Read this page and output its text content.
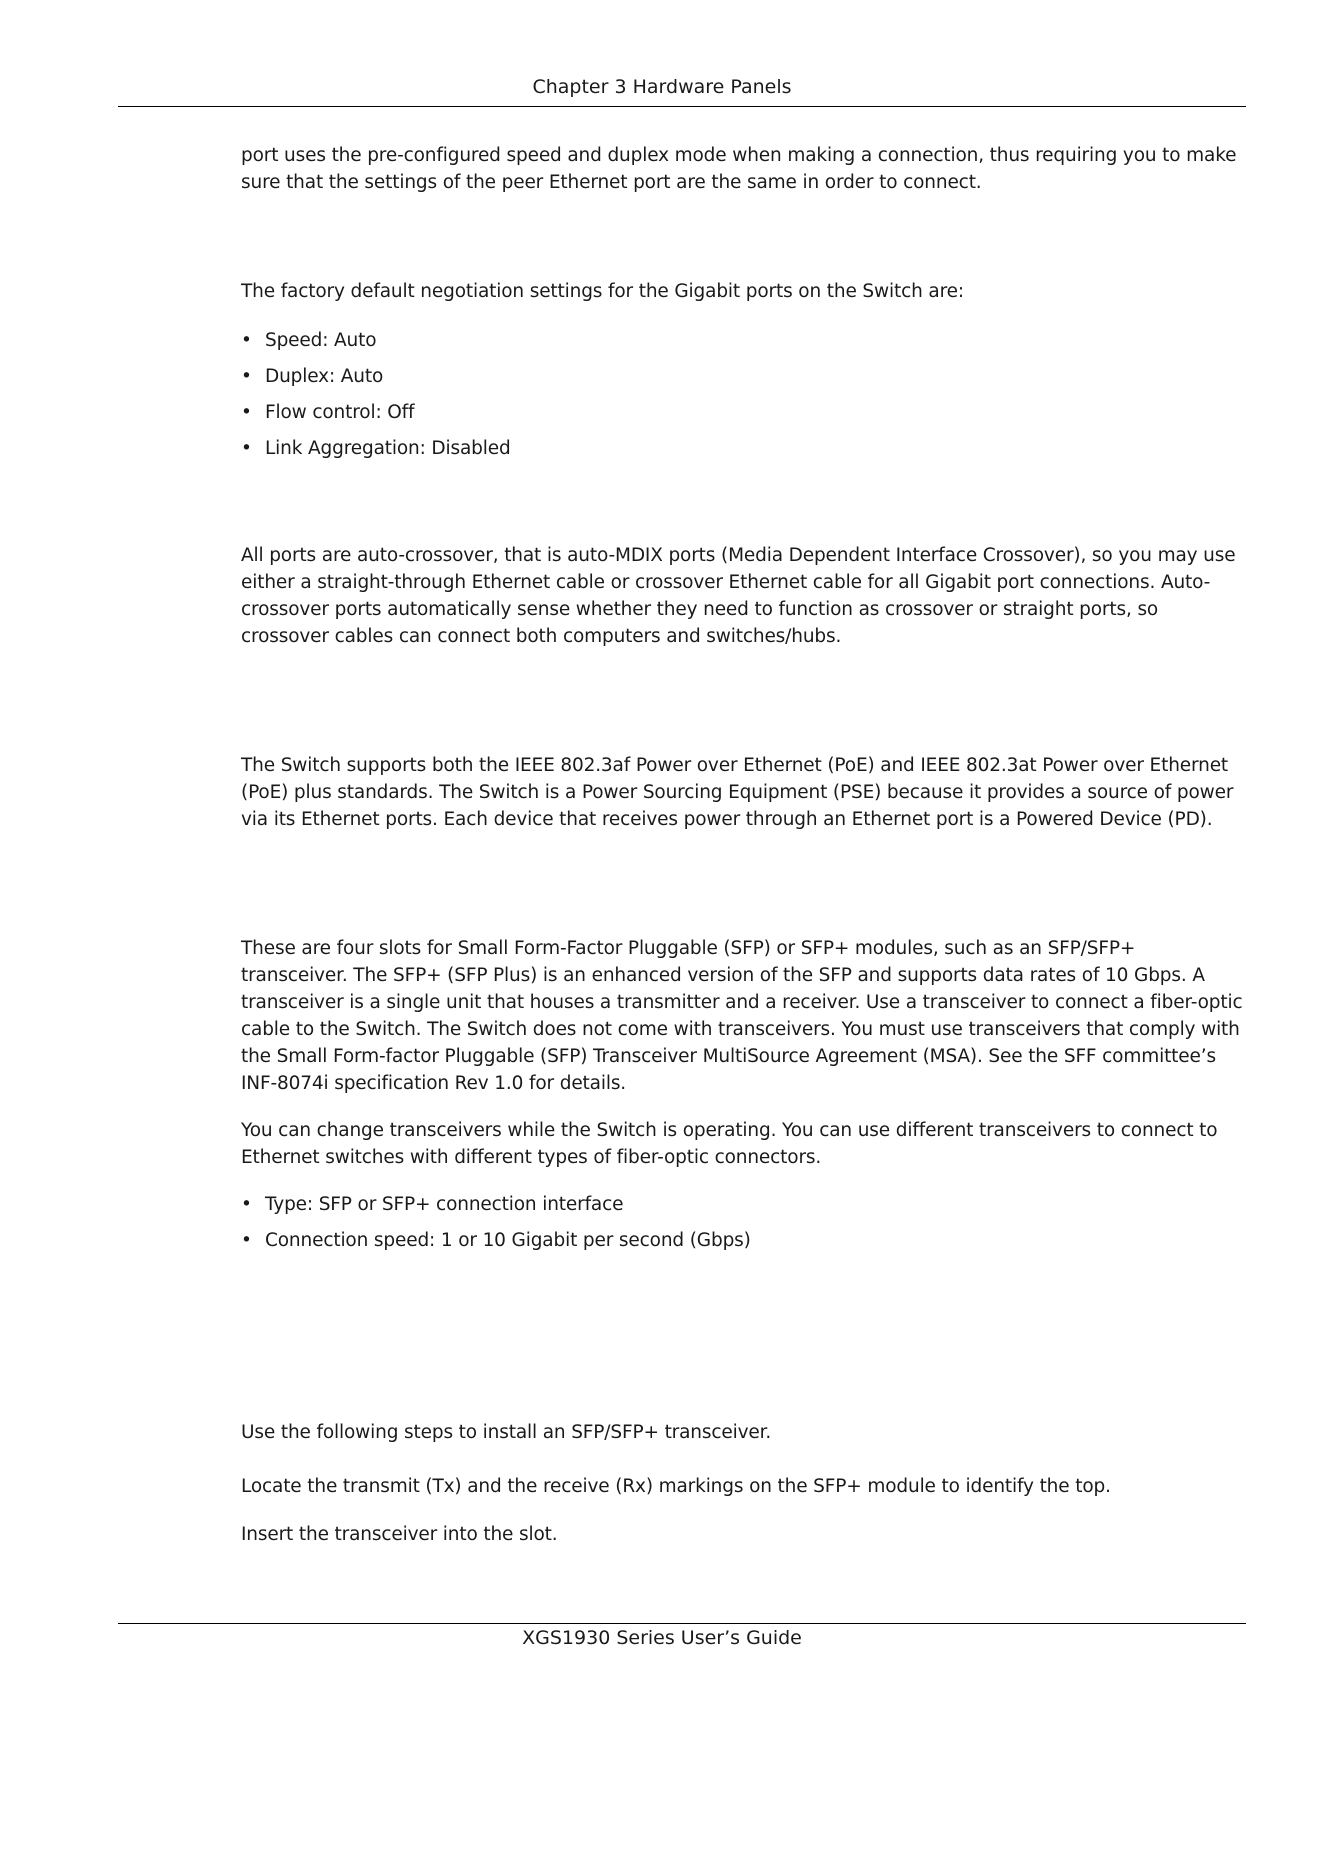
Chapter 3 Hardware Panels

port uses the pre-configured speed and duplex mode when making a connection, thus requiring you to make sure that the settings of the peer Ethernet port are the same in order to connect.

The factory default negotiation settings for the Gigabit ports on the Switch are:

• Speed: Auto
• Duplex: Auto
• Flow control: Off
• Link Aggregation: Disabled

All ports are auto-crossover, that is auto-MDIX ports (Media Dependent Interface Crossover), so you may use either a straight-through Ethernet cable or crossover Ethernet cable for all Gigabit port connections. Auto-crossover ports automatically sense whether they need to function as crossover or straight ports, so crossover cables can connect both computers and switches/hubs.

The Switch supports both the IEEE 802.3af Power over Ethernet (PoE) and IEEE 802.3at Power over Ethernet (PoE) plus standards. The Switch is a Power Sourcing Equipment (PSE) because it provides a source of power via its Ethernet ports. Each device that receives power through an Ethernet port is a Powered Device (PD).

These are four slots for Small Form-Factor Pluggable (SFP) or SFP+ modules, such as an SFP/SFP+ transceiver. The SFP+ (SFP Plus) is an enhanced version of the SFP and supports data rates of 10 Gbps. A transceiver is a single unit that houses a transmitter and a receiver. Use a transceiver to connect a fiber-optic cable to the Switch. The Switch does not come with transceivers. You must use transceivers that comply with the Small Form-factor Pluggable (SFP) Transceiver MultiSource Agreement (MSA). See the SFF committee’s INF-8074i specification Rev 1.0 for details.

You can change transceivers while the Switch is operating. You can use different transceivers to connect to Ethernet switches with different types of fiber-optic connectors.

• Type: SFP or SFP+ connection interface
• Connection speed: 1 or 10 Gigabit per second (Gbps)

Use the following steps to install an SFP/SFP+ transceiver.

Locate the transmit (Tx) and the receive (Rx) markings on the SFP+ module to identify the top.

Insert the transceiver into the slot.

XGS1930 Series User’s Guide
